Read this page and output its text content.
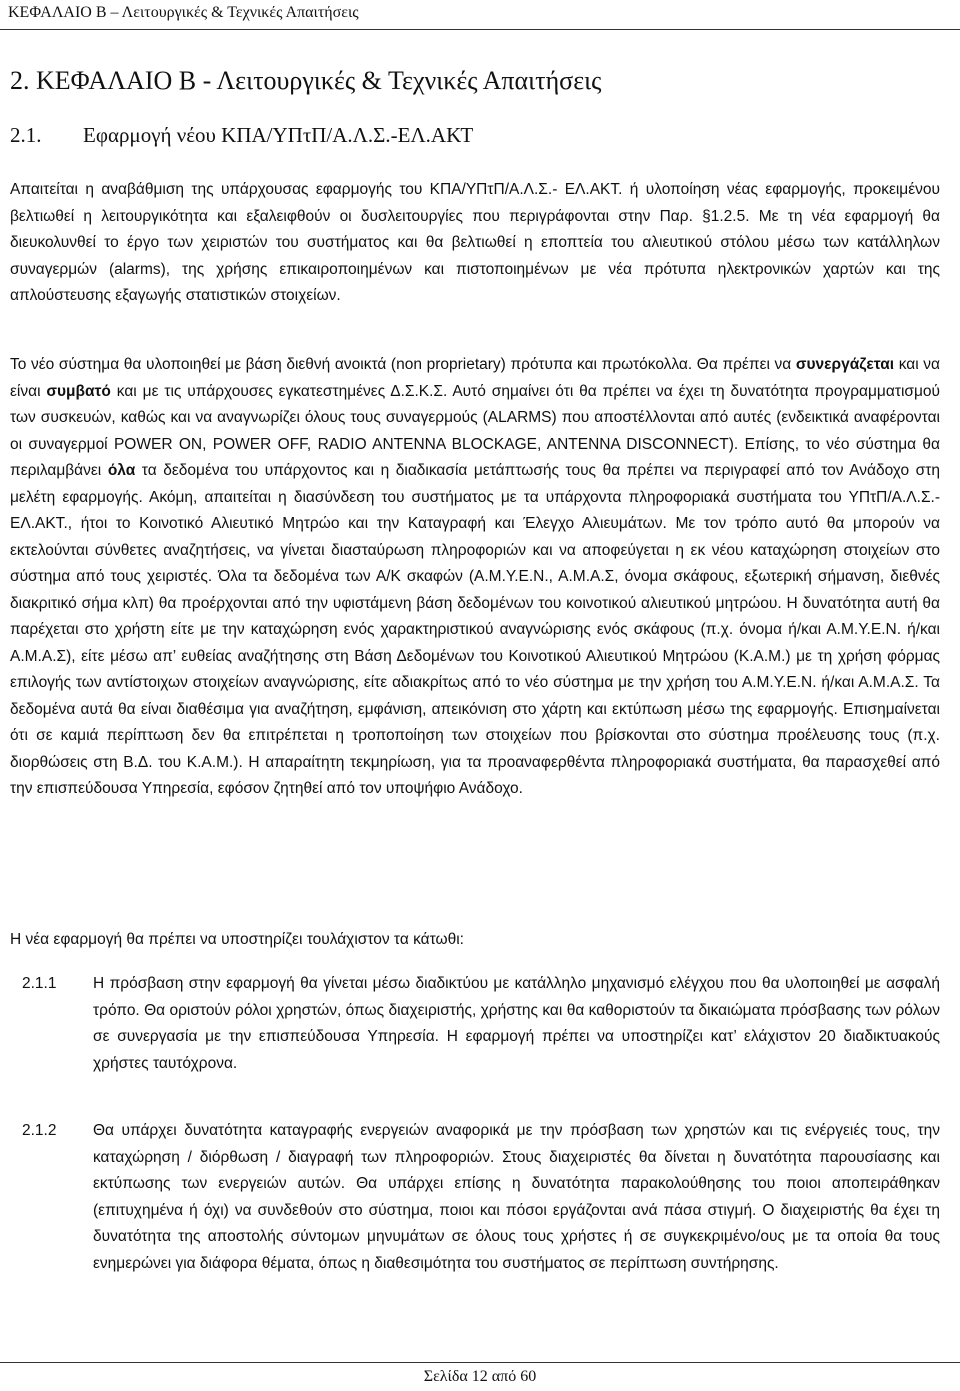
ΚΕΦΑΛΑΙΟ Β – Λειτουργικές & Τεχνικές Απαιτήσεις
2. ΚΕΦΑΛΑΙΟ Β - Λειτουργικές & Τεχνικές Απαιτήσεις
2.1. Εφαρμογή νέου ΚΠΑ/ΥΠτΠ/Α.Λ.Σ.-ΕΛ.ΑΚΤ
Απαιτείται η αναβάθμιση της υπάρχουσας εφαρμογής του ΚΠΑ/ΥΠτΠ/Α.Λ.Σ.- ΕΛ.ΑΚΤ. ή υλοποίηση νέας εφαρμογής, προκειμένου βελτιωθεί η λειτουργικότητα και εξαλειφθούν οι δυσλειτουργίες που περιγράφονται στην Παρ. §1.2.5. Με τη νέα εφαρμογή θα διευκολυνθεί το έργο των χειριστών του συστήματος και θα βελτιωθεί η εποπτεία του αλιευτικού στόλου μέσω των κατάλληλων συναγερμών (alarms), της χρήσης επικαιροποιημένων και πιστοποιημένων με νέα πρότυπα ηλεκτρονικών χαρτών και της απλούστευσης εξαγωγής στατιστικών στοιχείων.
Το νέο σύστημα θα υλοποιηθεί με βάση διεθνή ανοικτά (non proprietary) πρότυπα και πρωτόκολλα. Θα πρέπει να συνεργάζεται και να είναι συμβατό και με τις υπάρχουσες εγκατεστημένες Δ.Σ.Κ.Σ. Αυτό σημαίνει ότι θα πρέπει να έχει τη δυνατότητα προγραμματισμού των συσκευών, καθώς και να αναγνωρίζει όλους τους συναγερμούς (ALARMS) που αποστέλλονται από αυτές (ενδεικτικά αναφέρονται οι συναγερμοί POWER ON, POWER OFF, RADIO ANTENNA BLOCKAGE, ANTENNA DISCONNECT). Επίσης, το νέο σύστημα θα περιλαμβάνει όλα τα δεδομένα του υπάρχοντος και η διαδικασία μετάπτωσής τους θα πρέπει να περιγραφεί από τον Ανάδοχο στη μελέτη εφαρμογής. Ακόμη, απαιτείται η διασύνδεση του συστήματος με τα υπάρχοντα πληροφοριακά συστήματα του ΥΠτΠ/Α.Λ.Σ.-ΕΛ.ΑΚΤ., ήτοι το Κοινοτικό Αλιευτικό Μητρώο και την Καταγραφή και Έλεγχο Αλιευμάτων. Με τον τρόπο αυτό θα μπορούν να εκτελούνται σύνθετες αναζητήσεις, να γίνεται διασταύρωση πληροφοριών και να αποφεύγεται η εκ νέου καταχώρηση στοιχείων στο σύστημα από τους χειριστές. Όλα τα δεδομένα των Α/Κ σκαφών (Α.Μ.Υ.Ε.Ν., Α.Μ.Α.Σ, όνομα σκάφους, εξωτερική σήμανση, διεθνές διακριτικό σήμα κλπ) θα προέρχονται από την υφιστάμενη βάση δεδομένων του κοινοτικού αλιευτικού μητρώου. Η δυνατότητα αυτή θα παρέχεται στο χρήστη είτε με την καταχώρηση ενός χαρακτηριστικού αναγνώρισης ενός σκάφους (π.χ. όνομα ή/και Α.Μ.Υ.Ε.Ν. ή/και Α.Μ.Α.Σ), είτε μέσω απ’ ευθείας αναζήτησης στη Βάση Δεδομένων του Κοινοτικού Αλιευτικού Μητρώου (Κ.Α.Μ.) με τη χρήση φόρμας επιλογής των αντίστοιχων στοιχείων αναγνώρισης, είτε αδιακρίτως από το νέο σύστημα με την χρήση του Α.Μ.Υ.Ε.Ν. ή/και Α.Μ.Α.Σ. Τα δεδομένα αυτά θα είναι διαθέσιμα για αναζήτηση, εμφάνιση, απεικόνιση στο χάρτη και εκτύπωση μέσω της εφαρμογής. Επισημαίνεται ότι σε καμιά περίπτωση δεν θα επιτρέπεται η τροποποίηση των στοιχείων που βρίσκονται στο σύστημα προέλευσης τους (π.χ. διορθώσεις στη Β.Δ. του Κ.Α.Μ.). Η απαραίτητη τεκμηρίωση, για τα προαναφερθέντα πληροφοριακά συστήματα, θα παρασχεθεί από την επισπεύδουσα Υπηρεσία, εφόσον ζητηθεί από τον υποψήφιο Ανάδοχο.
Η νέα εφαρμογή θα πρέπει να υποστηρίζει τουλάχιστον τα κάτωθι:
2.1.1 Η πρόσβαση στην εφαρμογή θα γίνεται μέσω διαδικτύου με κατάλληλο μηχανισμό ελέγχου που θα υλοποιηθεί με ασφαλή τρόπο. Θα οριστούν ρόλοι χρηστών, όπως διαχειριστής, χρήστης και θα καθοριστούν τα δικαιώματα πρόσβασης των ρόλων σε συνεργασία με την επισπεύδουσα Υπηρεσία. Η εφαρμογή πρέπει να υποστηρίζει κατ’ ελάχιστον 20 διαδικτυακούς χρήστες ταυτόχρονα.
2.1.2 Θα υπάρχει δυνατότητα καταγραφής ενεργειών αναφορικά με την πρόσβαση των χρηστών και τις ενέργειές τους, την καταχώρηση / διόρθωση / διαγραφή των πληροφοριών. Στους διαχειριστές θα δίνεται η δυνατότητα παρουσίασης και εκτύπωσης των ενεργειών αυτών. Θα υπάρχει επίσης η δυνατότητα παρακολούθησης του ποιοι αποπειράθηκαν (επιτυχημένα ή όχι) να συνδεθούν στο σύστημα, ποιοι και πόσοι εργάζονται ανά πάσα στιγμή. Ο διαχειριστής θα έχει τη δυνατότητα της αποστολής σύντομων μηνυμάτων σε όλους τους χρήστες ή σε συγκεκριμένο/ους με τα οποία θα τους ενημερώνει για διάφορα θέματα, όπως η διαθεσιμότητα του συστήματος σε περίπτωση συντήρησης.
Σελίδα 12 από 60
